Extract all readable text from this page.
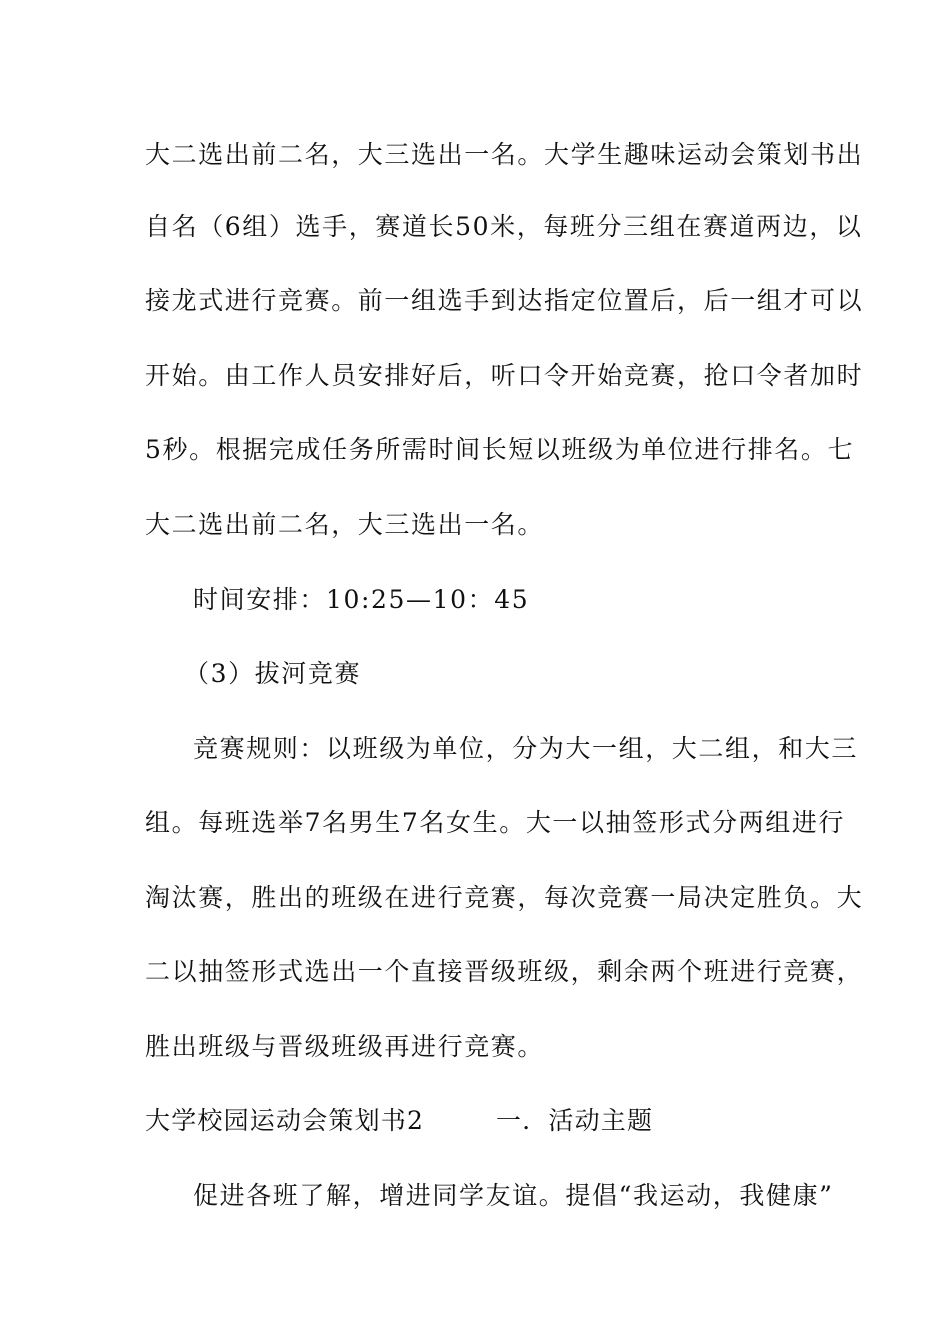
大二选出前二名，大三选出一名。大学生趣味运动会策划书出
自名（6组）选手，赛道长50米，每班分三组在赛道两边，以
接龙式进行竞赛。前一组选手到达指定位置后，后一组才可以
开始。由工作人员安排好后，听口令开始竞赛，抢口令者加时
5秒。根据完成任务所需时间长短以班级为单位进行排名。七
大二选出前二名，大三选出一名。
时间安排：10:25—10：45
（3）拔河竞赛
竞赛规则：以班级为单位，分为大一组，大二组，和大三
组。每班选举7名男生7名女生。大一以抽签形式分两组进行
淘汰赛，胜出的班级在进行竞赛，每次竞赛一局决定胜负。大
二以抽签形式选出一个直接晋级班级，剩余两个班进行竞赛，
胜出班级与晋级班级再进行竞赛。
大学校园运动会策划书2	一．活动主题
促进各班了解，增进同学友谊。提倡“我运动，我健康”
